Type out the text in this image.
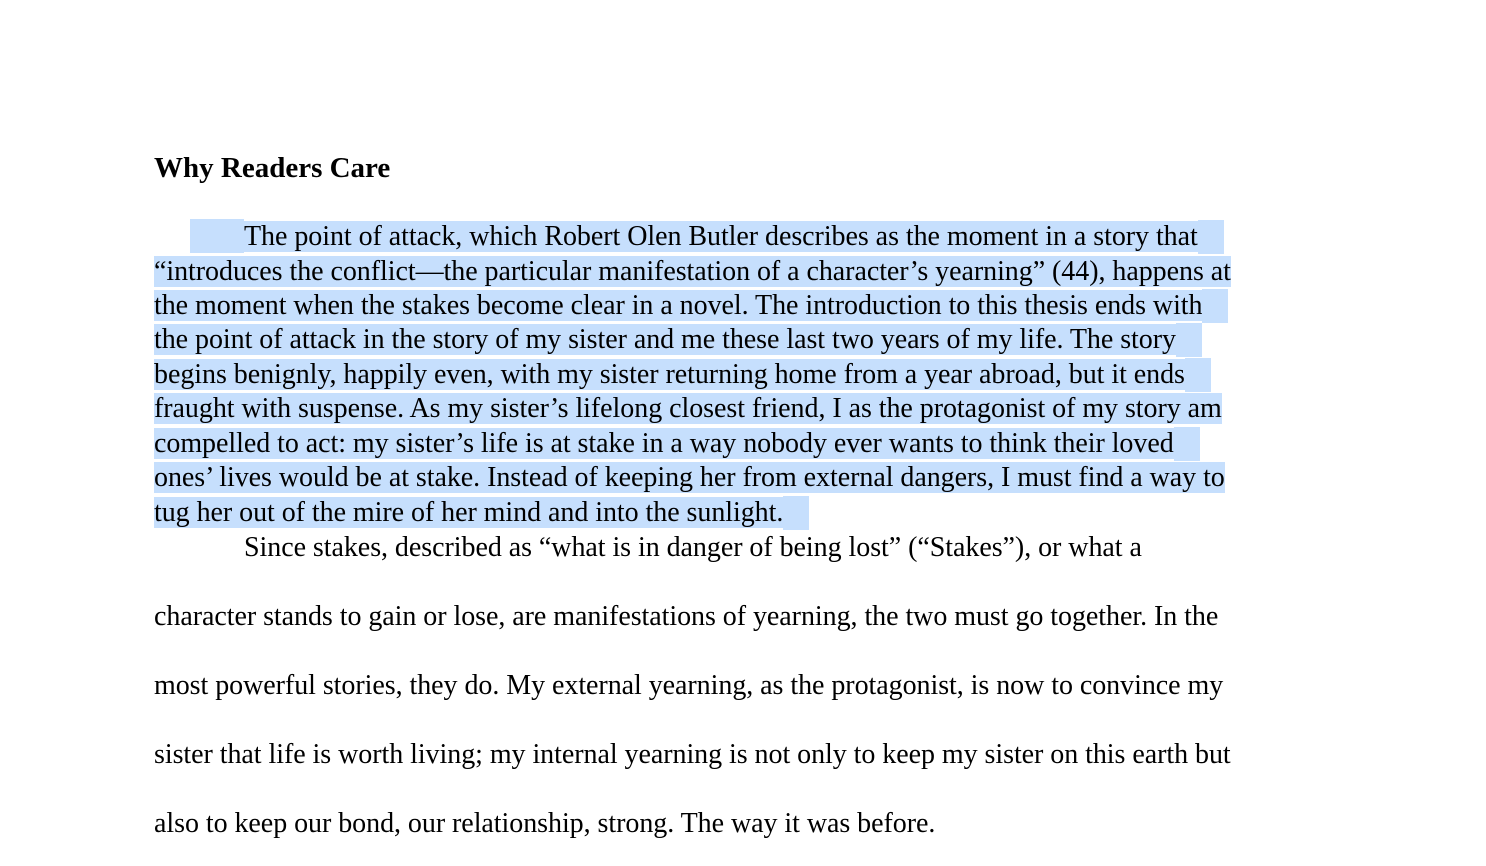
Why Readers Care
The point of attack, which Robert Olen Butler describes as the moment in a story that
“introduces the conflict—the particular manifestation of a character’s yearning” (44), happens at
the moment when the stakes become clear in a novel. The introduction to this thesis ends with
the point of attack in the story of my sister and me these last two years of my life. The story
begins benignly, happily even, with my sister returning home from a year abroad, but it ends
fraught with suspense. As my sister’s lifelong closest friend, I as the protagonist of my story am
compelled to act: my sister’s life is at stake in a way nobody ever wants to think their loved
ones’ lives would be at stake. Instead of keeping her from external dangers, I must find a way to
tug her out of the mire of her mind and into the sunlight.
Since stakes, described as “what is in danger of being lost” (“Stakes”), or what a
character stands to gain or lose, are manifestations of yearning, the two must go together. In the
most powerful stories, they do. My external yearning, as the protagonist, is now to convince my
sister that life is worth living; my internal yearning is not only to keep my sister on this earth but
also to keep our bond, our relationship, strong. The way it was before.
